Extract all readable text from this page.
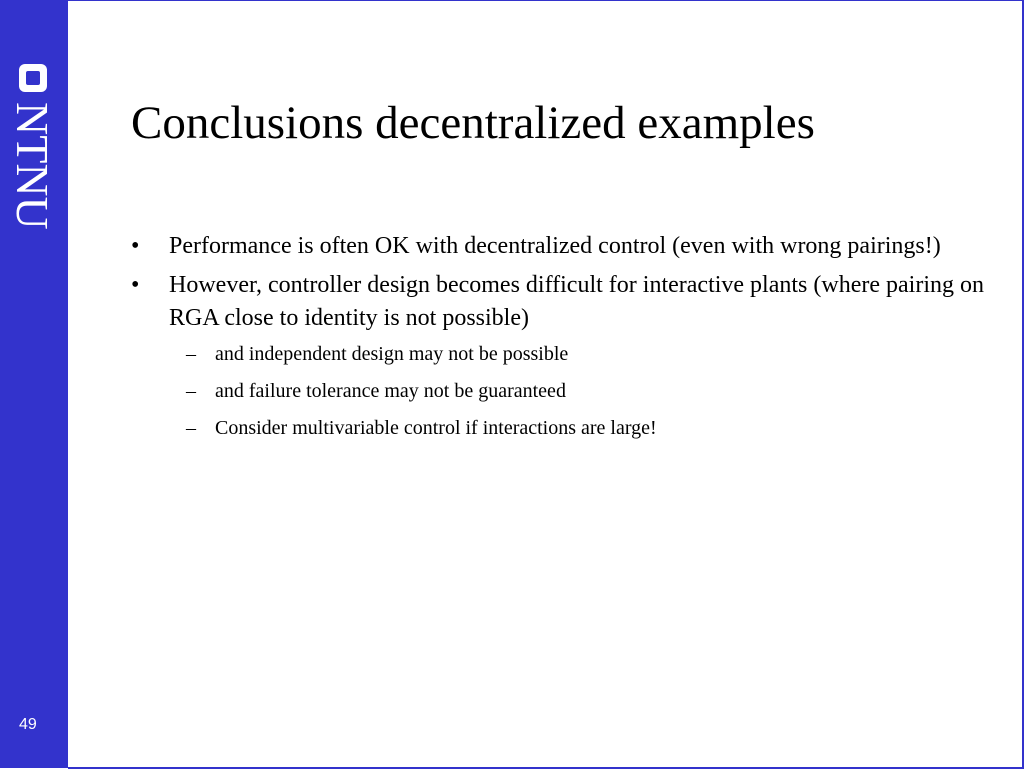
NTNU
49
Conclusions decentralized examples
• Performance is often OK with decentralized control (even with wrong pairings!)
• However, controller design becomes difficult for interactive plants (where pairing on RGA close to identity is not possible)
– and independent design may not be possible
– and failure tolerance may not be guaranteed
– Consider multivariable control if interactions are large!
